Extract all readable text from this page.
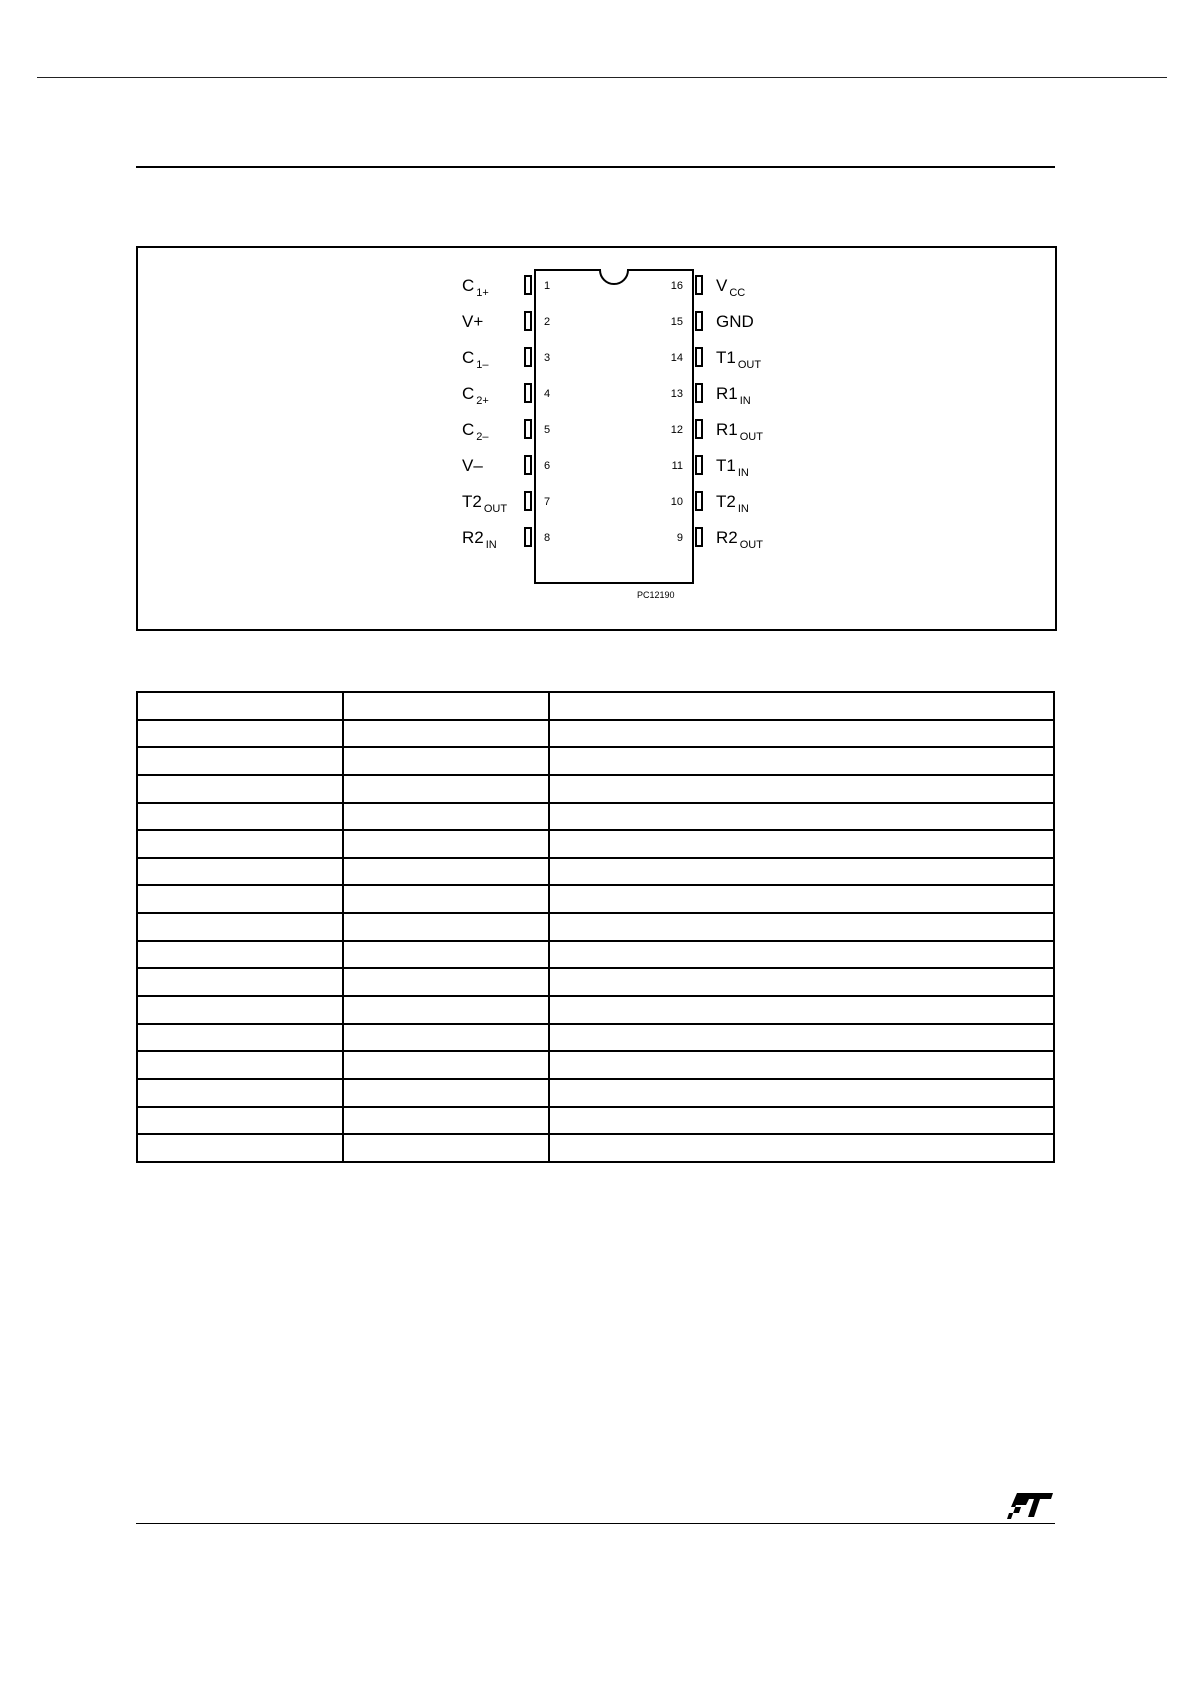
1
C $_{1+}$
2
V+
3
C $_{1-}$
4
C $_{2+}$
5
C $_{2-}$
6
V–
7
T2 $_{OUT}$
8
R2 $_{IN}$
16 V $_{CC}$
15 GND
14 T1 $_{OUT}$
13 R1 $_{IN}$
12 R1 $_{OUT}$
11 T1 $_{IN}$
10 T2 $_{IN}$
9 R2 $_{OUT}$
PC12190
